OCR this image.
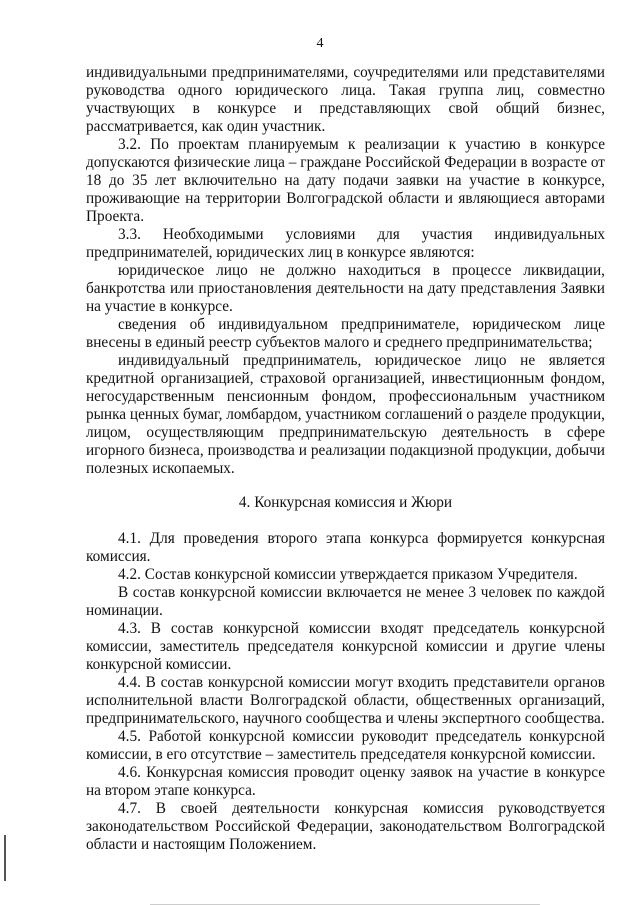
4

индивидуальными предпринимателями, соучредителями или представителями руководства одного юридического лица. Такая группа лиц, совместно участвующих в конкурсе и представляющих свой общий бизнес, рассматривается, как один участник.

3.2. По проектам планируемым к реализации к участию в конкурсе допускаются физические лица – граждане Российской Федерации в возрасте от 18 до 35 лет включительно на дату подачи заявки на участие в конкурсе, проживающие на территории Волгоградской области и являющиеся авторами Проекта.

3.3. Необходимыми условиями для участия индивидуальных предпринимателей, юридических лиц в конкурсе являются:

юридическое лицо не должно находиться в процессе ликвидации, банкротства или приостановления деятельности на дату представления Заявки на участие в конкурсе.

сведения об индивидуальном предпринимателе, юридическом лице внесены в единый реестр субъектов малого и среднего предпринимательства;

индивидуальный предприниматель, юридическое лицо не является кредитной организацией, страховой организацией, инвестиционным фондом, негосударственным пенсионным фондом, профессиональным участником рынка ценных бумаг, ломбардом, участником соглашений о разделе продукции, лицом, осуществляющим предпринимательскую деятельность в сфере игорного бизнеса, производства и реализации подакцизной продукции, добычи полезных ископаемых.

4. Конкурсная комиссия и Жюри

4.1. Для проведения второго этапа конкурса формируется конкурсная комиссия.

4.2. Состав конкурсной комиссии утверждается приказом Учредителя.

В состав конкурсной комиссии включается не менее 3 человек по каждой номинации.

4.3. В состав конкурсной комиссии входят председатель конкурсной комиссии, заместитель председателя конкурсной комиссии и другие члены конкурсной комиссии.

4.4. В состав конкурсной комиссии могут входить представители органов исполнительной власти Волгоградской области, общественных организаций, предпринимательского, научного сообщества и члены экспертного сообщества.

4.5. Работой конкурсной комиссии руководит председатель конкурсной комиссии, в его отсутствие – заместитель председателя конкурсной комиссии.

4.6. Конкурсная комиссия проводит оценку заявок на участие в конкурсе на втором этапе конкурса.

4.7. В своей деятельности конкурсная комиссия руководствуется законодательством Российской Федерации, законодательством Волгоградской области и настоящим Положением.
